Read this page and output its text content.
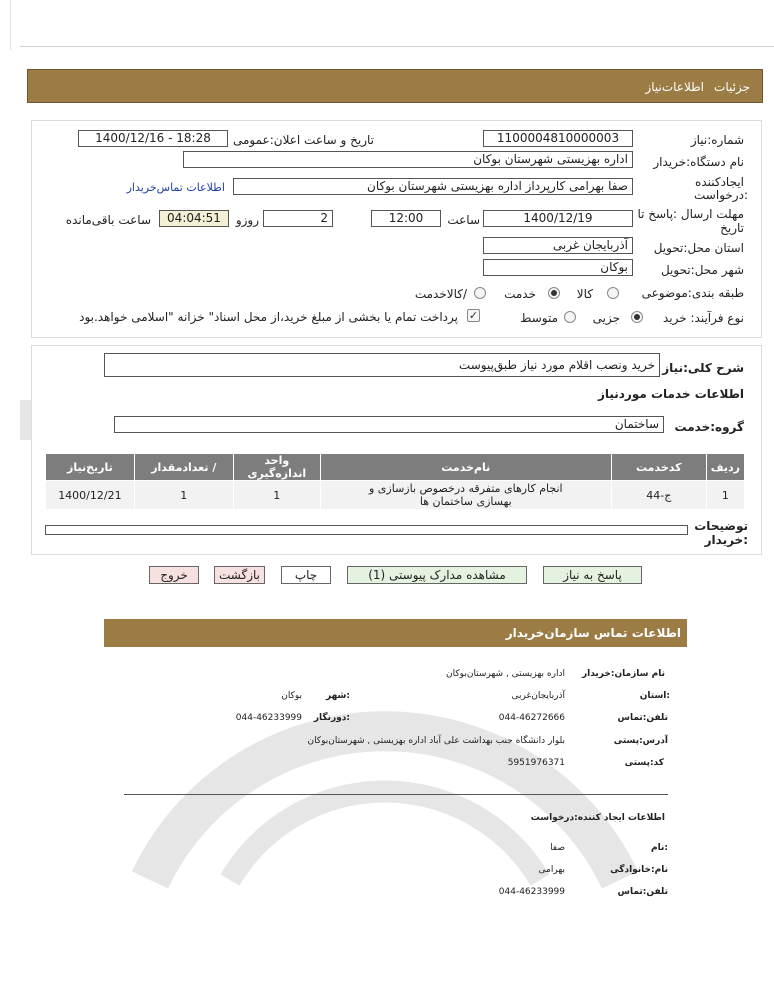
جزئیات
اطلاعات‌نیاز
شماره:نیاز
1100004810000003
تاریخ و ساعت اعلان:عمومی
1400/12/16 - 18:28
نام دستگاه:خریدار
اداره بهزیستی شهرستان بوکان
ایجادکننده
:درخواست
صفا بهرامی کارپرداز اداره بهزیستی شهرستان بوکان
اطلاعات تماس‌خریدار
مهلت ارسال :پاسخ تا
تاریخ
1400/12/19
ساعت
12:00
2
روزو
04:04:51
ساعت باقی‌مانده
استان محل:تحویل
آذربایجان غربی
شهر محل:تحویل
بوکان
طبقه بندی:موضوعی
کالا
خدمت
/کالاخدمت
نوع فرآیند: خرید
جزیی
متوسط
✓
پرداخت تمام یا بخشی از مبلغ خرید،از محل اسناد" خزانه "اسلامی خواهد.بود
شرح کلی:نیاز
خرید ونصب اقلام مورد نیاز طبق‌پیوست
اطلاعات خدمات موردنیاز
گروه:خدمت
ساختمان
ردیف	کدخدمت	نام‌خدمت	واحد اندازه‌گیری	/ تعدادمقدار	تاریخ‌نیاز
1	ج-44	انجام کارهای متفرقه درخصوص بازسازی و
بهسازی ساختمان ها	1	1	1400/12/21
توضیحات
:خریدار
پاسخ به نیاز
مشاهده مدارک پیوستی (1)
چاپ
بازگشت
خروج
اطلاعات تماس سازمان‌خریدار
نام سازمان:خریدار
اداره بهزیستی , شهرستان‌بوکان
:استان
آذربایجان‌غربی
:شهر
بوکان
تلفن:تماس
044-46272666
:دورنگار
044-46233999
آدرس:پستی
بلوار دانشگاه جنب بهداشت علی آباد اداره بهزیستی , شهرستان‌بوکان
کد:پستی
5951976371
اطلاعات ایجاد کننده:درخواست
:نام
صفا
نام:خانوادگی
بهرامی
تلفن:تماس
044-46233999
